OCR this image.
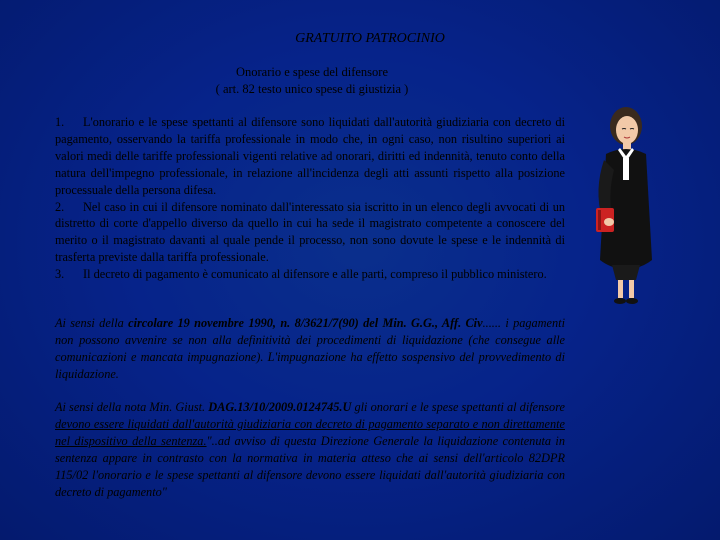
GRATUITO PATROCINIO
Onorario e spese del difensore
( art. 82 testo unico spese di giustizia )
1. L'onorario e le spese spettanti al difensore sono liquidati dall'autorità giudiziaria con decreto di pagamento, osservando la tariffa professionale in modo che, in ogni caso, non risultino superiori ai valori medi delle tariffe professionali vigenti relative ad onorari, diritti ed indennità, tenuto conto della natura dell'impegno professionale, in relazione all'incidenza degli atti assunti rispetto alla posizione processuale della persona difesa.
2. Nel caso in cui il difensore nominato dall'interessato sia iscritto in un elenco degli avvocati di un distretto di corte d'appello diverso da quello in cui ha sede il magistrato competente a conoscere del merito o il magistrato davanti al quale pende il processo, non sono dovute le spese e le indennità di trasferta previste dalla tariffa professionale.
3. Il decreto di pagamento è comunicato al difensore e alle parti, compreso il pubblico ministero.
Ai sensi della circolare 19 novembre 1990, n. 8/3621/7(90) del Min. G.G., Aff. Civ...... i pagamenti non possono avvenire se non alla definitività dei procedimenti di liquidazione (che consegue alle comunicazioni e mancata impugnazione). L'impugnazione ha effetto sospensivo del provvedimento di liquidazione.
Ai sensi della nota Min. Giust. DAG.13/10/2009.0124745.U gli onorari e le spese spettanti al difensore devono essere liquidati dall'autorità giudiziaria con decreto di pagamento separato e non direttamente nel dispositivo della sentenza."..ad avviso di questa Direzione Generale la liquidazione contenuta in sentenza appare in contrasto con la normativa in materia atteso che ai sensi dell'articolo 82DPR 115/02 l'onorario e le spese spettanti al difensore devono essere liquidati dall'autorità giudiziaria con decreto di pagamento"
